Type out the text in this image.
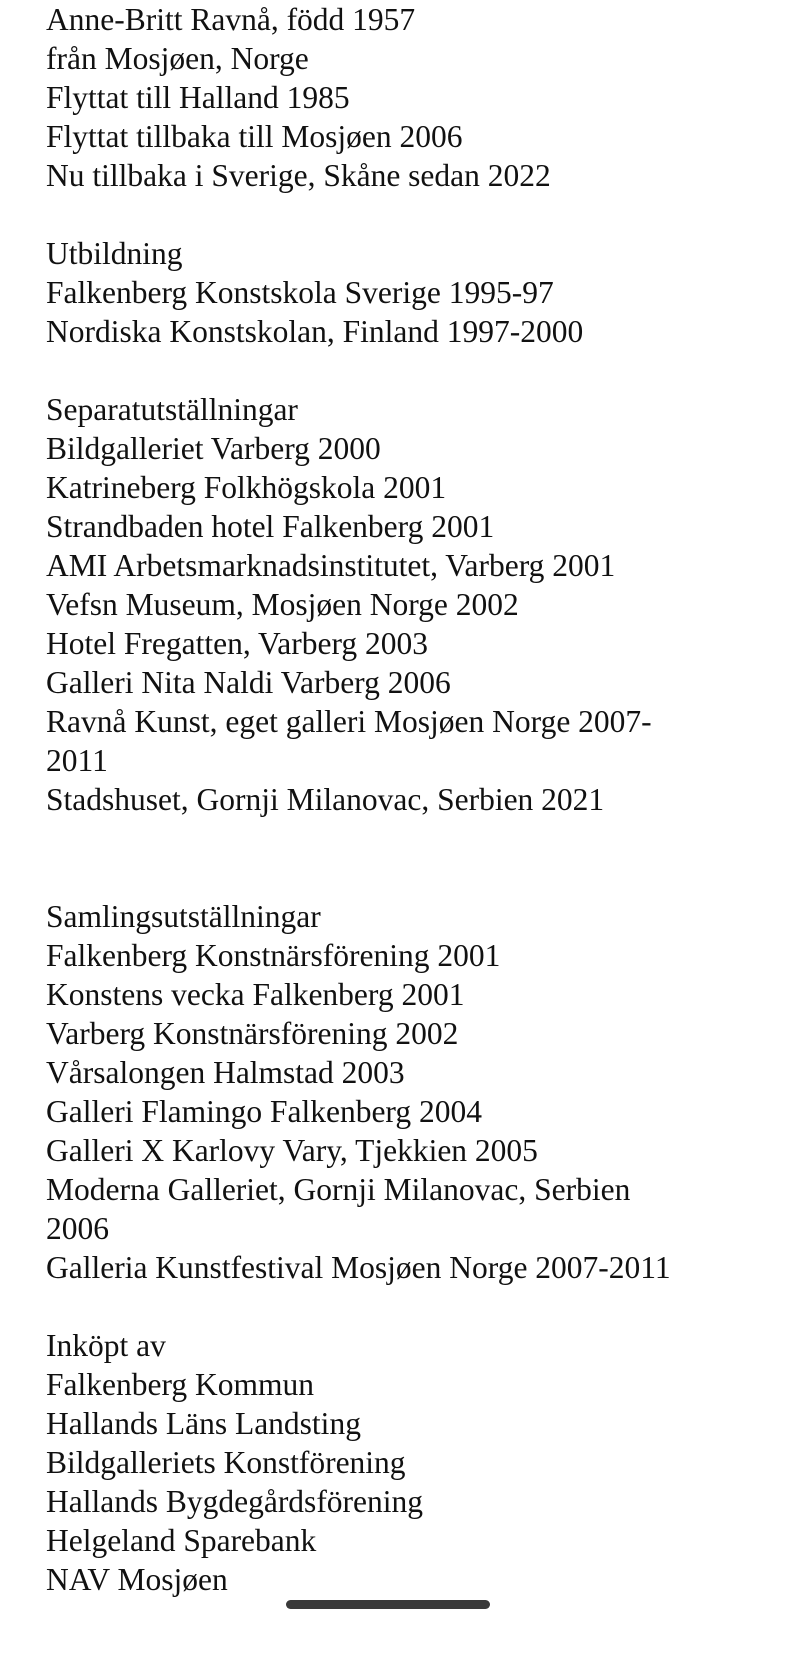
Anne-Britt Ravnå, född 1957
från Mosjøen, Norge
Flyttat till Halland 1985
Flyttat tillbaka till Mosjøen 2006
Nu tillbaka i Sverige, Skåne sedan 2022
Utbildning
Falkenberg Konstskola Sverige 1995-97
Nordiska Konstskolan, Finland 1997-2000
Separatutställningar
Bildgalleriet Varberg 2000
Katrineberg Folkhögskola 2001
Strandbaden hotel Falkenberg 2001
AMI Arbetsmarknadsinstitutet, Varberg 2001
Vefsn Museum, Mosjøen Norge 2002
Hotel Fregatten, Varberg 2003
Galleri Nita Naldi Varberg 2006
Ravnå Kunst, eget galleri Mosjøen Norge 2007-2011
Stadshuset, Gornji Milanovac, Serbien 2021
Samlingsutställningar
Falkenberg Konstnärsförening 2001
Konstens vecka Falkenberg 2001
Varberg Konstnärsförening 2002
Vårsalongen Halmstad 2003
Galleri Flamingo Falkenberg 2004
Galleri X Karlovy Vary, Tjekkien 2005
Moderna Galleriet, Gornji Milanovac, Serbien 2006
Galleria Kunstfestival Mosjøen Norge 2007-2011
Inköpt av
Falkenberg Kommun
Hallands Läns Landsting
Bildgalleriets Konstförening
Hallands Bygdegårdsförening
Helgeland Sparebank
NAV Mosjøen
